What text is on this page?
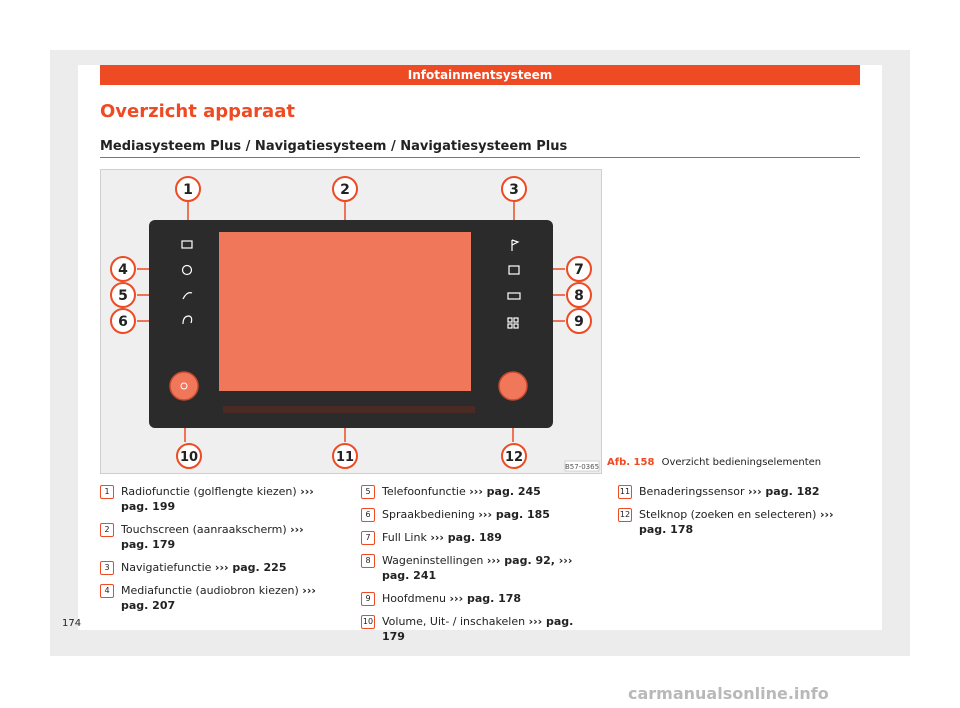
Infotainmentsysteem
Overzicht apparaat
Mediasysteem Plus / Navigatiesysteem / Navigatiesysteem Plus
1	2	3
4
5
6
7
8
9
10	11	12
B57-0365 Afb. 158 Overzicht bedieningselementen
1	Radiofunctie (golflengte kiezen) ››› pag. 199
2	Touchscreen (aanraakscherm) ››› pag. 179
3	Navigatiefunctie ››› pag. 225
4	Mediafunctie (audiobron kiezen) ››› pag. 207
5	Telefoonfunctie ››› pag. 245
6	Spraakbediening ››› pag. 185
7	Full Link ››› pag. 189
8	Wageninstellingen ››› pag. 92, ››› pag. 241
9	Hoofdmenu ››› pag. 178
10 Volume, Uit- / inschakelen ››› pag. 179
11 Benaderingssensor ››› pag. 182
12 Stelknop (zoeken en selecteren) ››› pag. 178
174
carmanualsonline.info
